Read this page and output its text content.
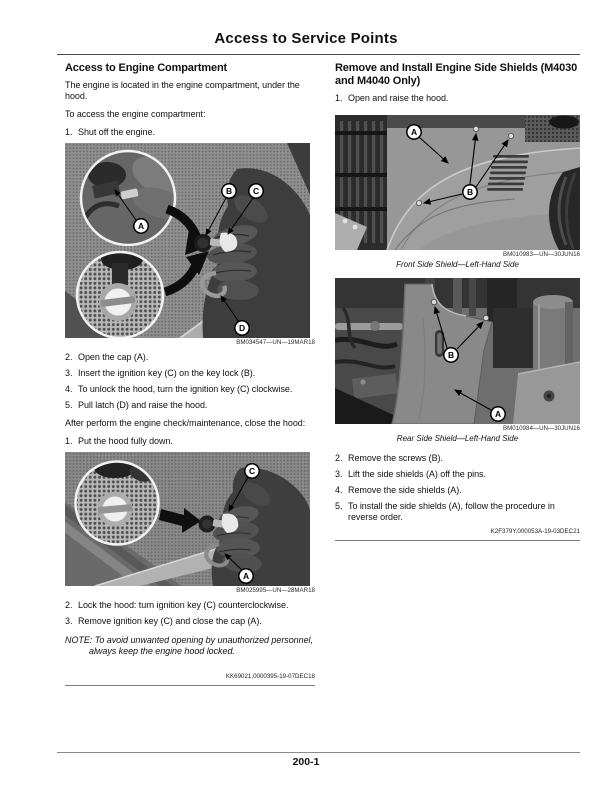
Access to Service Points
Access to Engine Compartment

The engine is located in the engine compartment, under the hood.

To access the engine compartment:

1. Shut off the engine.
A
B C
D
BM034547—UN—19MAR18
2. Open the cap (A).
3. Insert the ignition key (C) on the key lock (B).
4. To unlock the hood, turn the ignition key (C) clockwise.
5. Pull latch (D) and raise the hood.

After perform the engine check/maintenance, close the hood:

1. Put the hood fully down.
C
A
BM025995—UN—28MAR18
2. Lock the hood: turn ignition key (C) counterclockwise.
3. Remove ignition key (C) and close the cap (A).

NOTE: To avoid unwanted opening by unauthorized personnel, always keep the engine hood locked.

KK69021,0000395-19-07DEC18
Remove and Install Engine Side Shields (M4030 and M4040 Only)
1. Open and raise the hood.
A
B
BM010983—UN—30JUN16
Front Side Shield—Left-Hand Side
B
A
BM010984—UN—30JUN16
Rear Side Shield—Left-Hand Side
2. Remove the screws (B).
3. Lift the side shields (A) off the pins.
4. Remove the side shields (A).
5. To install the side shields (A), follow the procedure in reverse order.
K2F379Y,000053A-19-03DEC21
200-1
